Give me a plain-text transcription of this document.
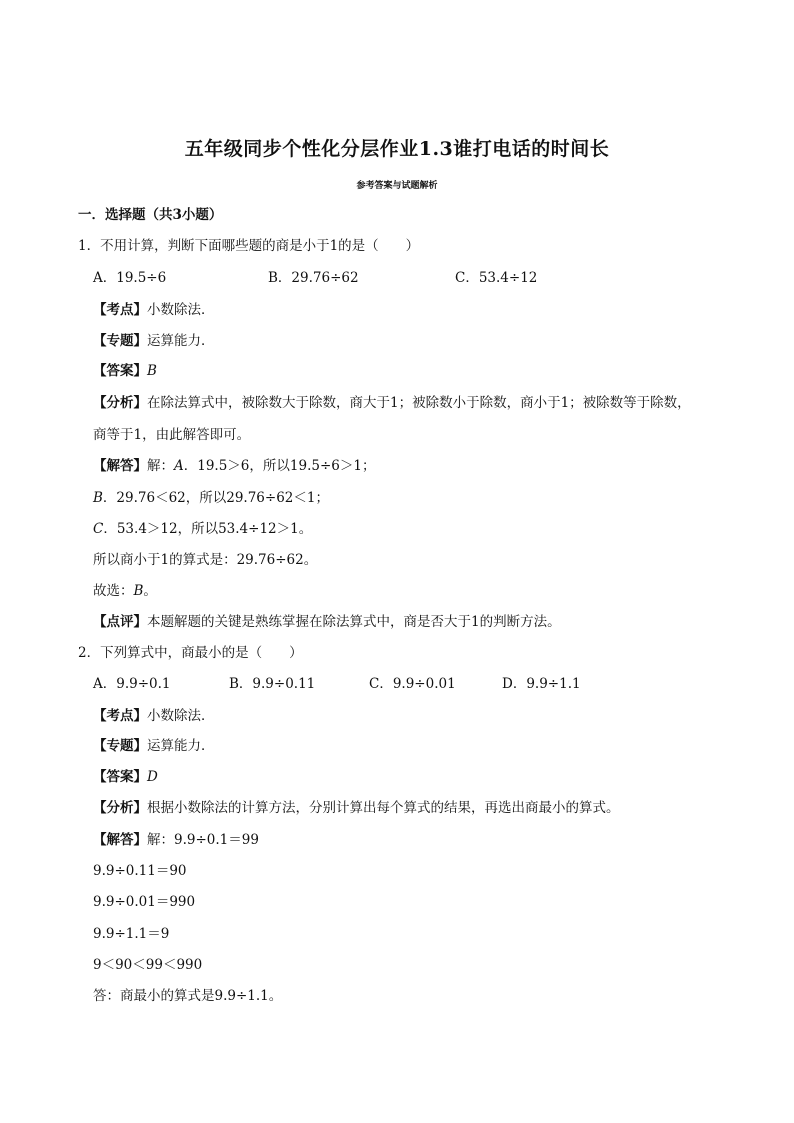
五年级同步个性化分层作业1.3谁打电话的时间长
参考答案与试题解析
一．选择题（共3小题）
1．不用计算，判断下面哪些题的商是小于1的是（　　）
A．19.5÷6	B．29.76÷62	C．53.4÷12
【考点】小数除法．
【专题】运算能力．
【答案】B
【分析】在除法算式中，被除数大于除数，商大于1；被除数小于除数，商小于1；被除数等于除数，
商等于1，由此解答即可。
【解答】解：A．19.5＞6，所以19.5÷6＞1；
B．29.76＜62，所以29.76÷62＜1；
C．53.4＞12，所以53.4÷12＞1。
所以商小于1的算式是：29.76÷62。
故选：B。
【点评】本题解题的关键是熟练掌握在除法算式中，商是否大于1的判断方法。
2．下列算式中，商最小的是（　　）
A．9.9÷0.1	B．9.9÷0.11	C．9.9÷0.01	D．9.9÷1.1
【考点】小数除法．
【专题】运算能力．
【答案】D
【分析】根据小数除法的计算方法，分别计算出每个算式的结果，再选出商最小的算式。
【解答】解：9.9÷0.1＝99
9.9÷0.11＝90
9.9÷0.01＝990
9.9÷1.1＝9
9＜90＜99＜990
答：商最小的算式是9.9÷1.1。
